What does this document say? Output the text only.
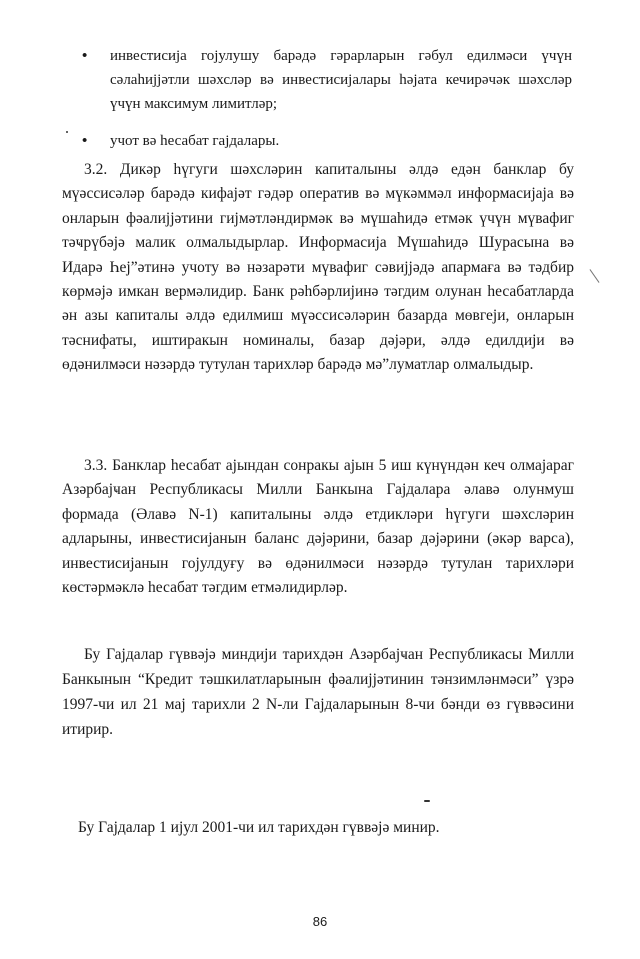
•	инвестисија гојулушу барәдә гәрарларын гәбул едилмәси үчүн сәлаһијјәтли шәхсләр вә инвестисијалары һәјата кечирәчәк шәхсләр үчүн максимум лимитләр;
•	учот вә һесабат гајдалары.
3.2. Дикәр һүгуги шәхсләрин капиталыны әлдә едән банклар бу мүәссисәләр барәдә кифајәт гәдәр оператив вә мүкәммәл информасијаја вә онларын фәалијјәтини гијмәтләндирмәк вә мүшаһидә етмәк үчүн мүвафиг тәҹрүбәјә малик олмалыдырлар. Информасија Мүшаһидә Шурасына вә Идарә Һеј”әтинә учоту вә нәзарәти мүвафиг сәвијјәдә апармаға вә тәдбир көрмәјә имкан вермәлидир. Банк рәһбәрлијинә тәгдим олунан һесабатларда ән азы капиталы әлдә едилмиш мүәссисәләрин базарда мөвгеји, онларын тәснифаты, иштиракын номиналы, базар дәјәри, әлдә едилдији вә өдәнилмәси нәзәрдә тутулан тарихләр барәдә мә”луматлар олмалыдыр.
3.3. Банклар һесабат ајындан сонракы ајын 5 иш күнүндән кеч олмајараг Азәрбајҹан Республикасы Милли Банкына Гајдалара әлавә олунмуш формада (Әлавә N-1) капиталыны әлдә етдикләри һүгуги шәхсләрин адларыны, инвестисијанын баланс дәјәрини, базар дәјәрини (әкәр варса), инвестисијанын гојулдуғу вә өдәнилмәси нәзәрдә тутулан тарихләри көстәрмәклә һесабат тәгдим етмәлидирләр.
Бу Гајдалар гүввәјә миндији тарихдән Азәрбајҹан Республикасы Милли Банкынын “Кредит тәшкилатларынын фәалијјәтинин тәнзимләнмәси” үзрә 1997-чи ил 21 мај тарихли 2 N-ли Гајдаларынын 8-чи бәнди өз гүввәсини итирир.
Бу Гајдалар 1 ијул 2001-чи ил тарихдән гүввәјә минир.
86
